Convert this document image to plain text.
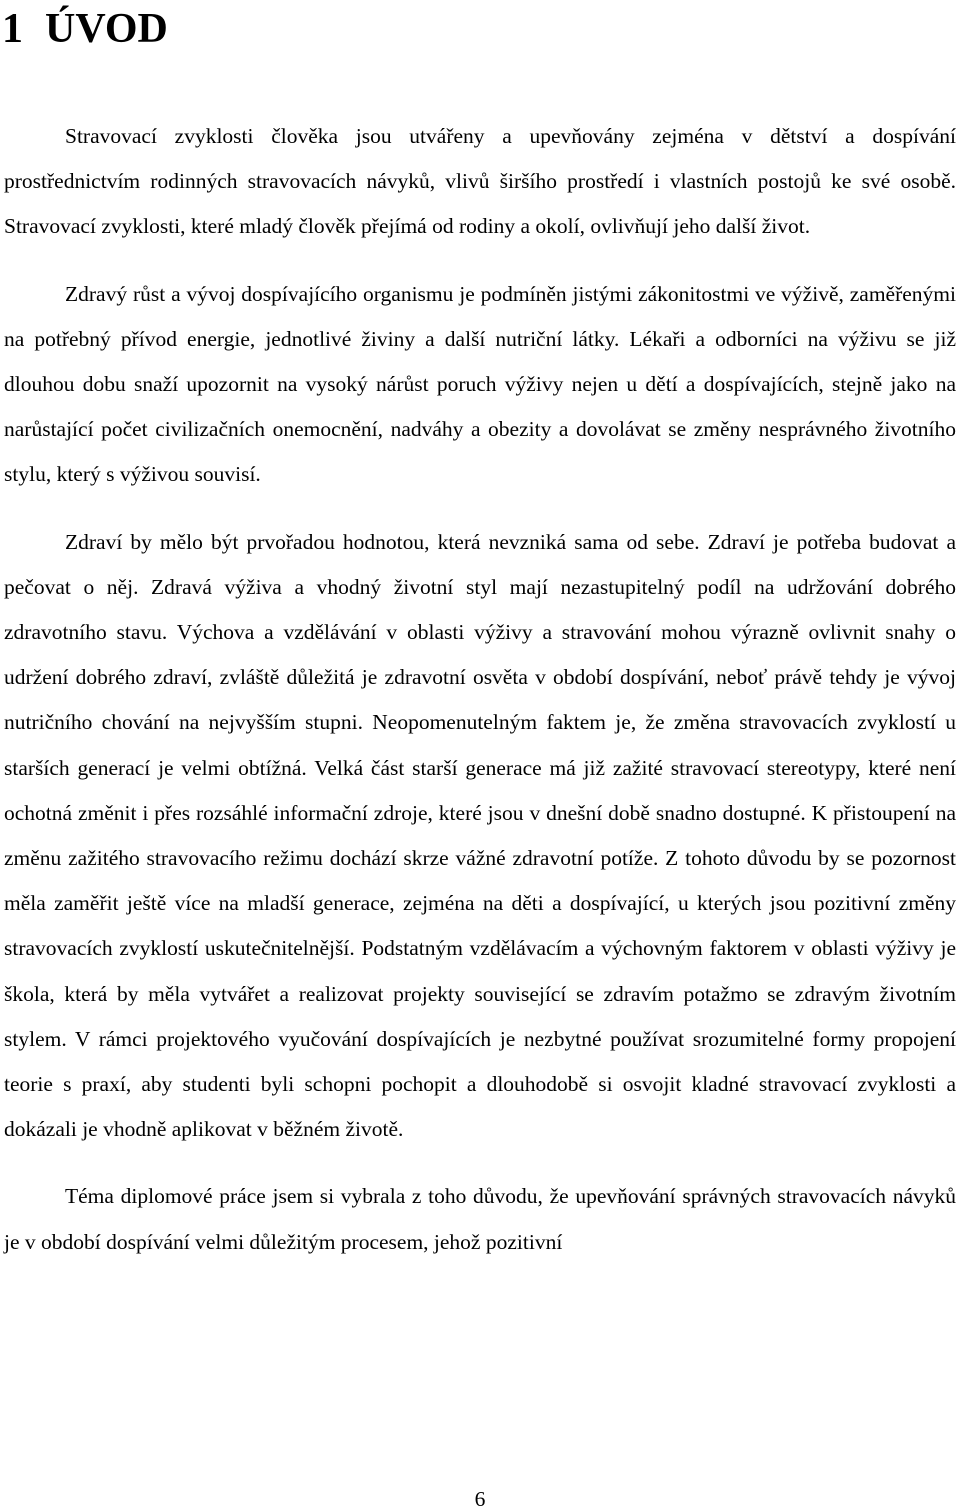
1 ÚVOD

Stravovací zvyklosti člověka jsou utvářeny a upevňovány zejména v dětství a dospívání prostřednictvím rodinných stravovacích návyků, vlivů širšího prostředí i vlastních postojů ke své osobě. Stravovací zvyklosti, které mladý člověk přejímá od rodiny a okolí, ovlivňují jeho další život.

Zdravý růst a vývoj dospívajícího organismu je podmíněn jistými zákonitostmi ve výživě, zaměřenými na potřebný přívod energie, jednotlivé živiny a další nutriční látky. Lékaři a odborníci na výživu se již dlouhou dobu snaží upozornit na vysoký nárůst poruch výživy nejen u dětí a dospívajících, stejně jako na narůstající počet civilizačních onemocnění, nadváhy a obezity a dovolávat se změny nesprávného životního stylu, který s výživou souvisí.

Zdraví by mělo být prvořadou hodnotou, která nevzniká sama od sebe. Zdraví je potřeba budovat a pečovat o něj. Zdravá výživa a vhodný životní styl mají nezastupitelný podíl na udržování dobrého zdravotního stavu. Výchova a vzdělávání v oblasti výživy a stravování mohou výrazně ovlivnit snahy o udržení dobrého zdraví, zvláště důležitá je zdravotní osvěta v období dospívání, neboť právě tehdy je vývoj nutričního chování na nejvyšším stupni. Neopomenutelným faktem je, že změna stravovacích zvyklostí u starších generací je velmi obtížná. Velká část starší generace má již zažité stravovací stereotypy, které není ochotná změnit i přes rozsáhlé informační zdroje, které jsou v dnešní době snadno dostupné. K přistoupení na změnu zažitého stravovacího režimu dochází skrze vážné zdravotní potíže. Z tohoto důvodu by se pozornost měla zaměřit ještě více na mladší generace, zejména na děti a dospívající, u kterých jsou pozitivní změny stravovacích zvyklostí uskutečnitelnější. Podstatným vzdělávacím a výchovným faktorem v oblasti výživy je škola, která by měla vytvářet a realizovat projekty související se zdravím potažmo se zdravým životním stylem. V rámci projektového vyučování dospívajících je nezbytné používat srozumitelné formy propojení teorie s praxí, aby studenti byli schopni pochopit a dlouhodobě si osvojit kladné stravovací zvyklosti a dokázali je vhodně aplikovat v běžném životě.

Téma diplomové práce jsem si vybrala z toho důvodu, že upevňování správných stravovacích návyků je v období dospívání velmi důležitým procesem, jehož pozitivní

6
